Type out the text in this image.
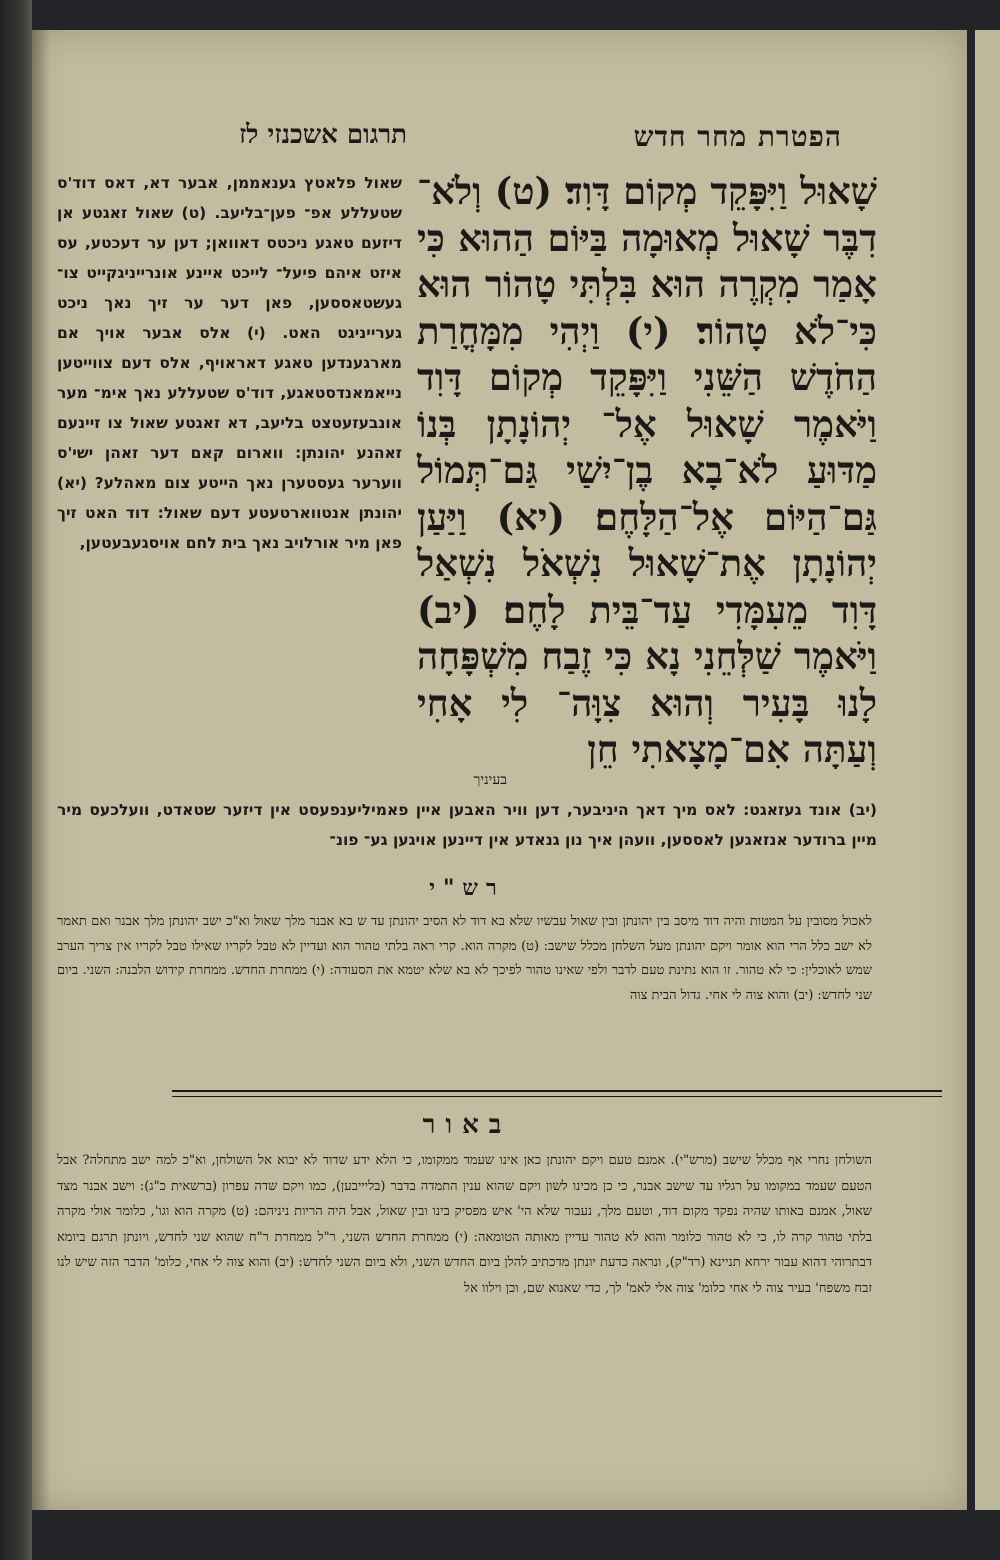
הפטרת מחר חדש

תרגום אשכנזי לז

שָׁאוּל וַיִּפָּקֵד מְקוֹם דָּוִד׃ (ט) וְלֹא־ דִבֶּר שָׁאוּל מְאוּמָה בַּיּוֹם הַהוּא כִּי אָמַר מִקְרֶה הוּא בִּלְתִּי טָהוֹר הוּא כִּי־לֹא טָהוֹר׃ (י) וַיְהִי מִמָּחֳרַת הַחֹדֶשׁ הַשֵּׁנִי וַיִּפָּקֵד מְקוֹם דָּוִד וַיֹּאמֶר שָׁאוּל אֶל־ יְהוֹנָתָן בְּנוֹ מַדּוּעַ לֹא־בָא בֶן־יִשַׁי גַּם־תְּמוֹל גַּם־הַיּוֹם אֶל־הַלָּחֶם׃ (יא) וַיַּעַן יְהוֹנָתָן אֶת־שָׁאוּל נִשְׁאֹל נִשְׁאַל דָּוִד מֵעִמָּדִי עַד־בֵּית לָחֶם׃ (יב) וַיֹּאמֶר שַׁלְּחֵנִי נָא כִּי זֶבַח מִשְׁפָּחָה לָנוּ בָּעִיר וְהוּא צִוָּה־ לִי אָחִי וְעַתָּה אִם־מָצָאתִי חֵן

בעיניך

שאול פלאטץ גענאממן, אבער דא, דאס דוד'ס שטעללע אפ־ פען־בליעב. (ט) שאול זאגטע אן דיזעם טאגע ניכטס דאוואן; דען ער דעכטע, עס איזט איהם פיעל־ לייכט איינע אונרייניגקייט צו־ געשטאססען, פאן דער ער זיך נאך ניכט גערייניגט האט. (י) אלס אבער אויך אם מארגענדען טאגע דאראויף, אלס דעם צווייטען נייאמאנדסטאגע, דוד'ס שטעללע נאך אימ־ מער אונבעזעטצט בליעב, דא זאגטע שאול צו זיינעם זאהנע יהונתן: ווארום קאם דער זאהן ישי'ס ווערער געסטערן נאך הייטע צום מאהלע? (יא) יהונתן אנטווארטעטע דעם שאול: דוד האט זיך פאן מיר אורלויב נאך בית לחם אויסגעבעטען,

(יב) אונד געזאגט: לאס מיך דאך היניבער, דען וויר האבען איין פאמיליענפעסט אין דיזער שטאדט, וועלכעס מיר מיין ברודער אנזאגען לאססען, וועהן איך נון גנאדע אין דיינען אויגען גע־ פונ־

רש"י

לאכול מסובין על המטות והיה דוד מיסב בין יהונתן ובין שאול עבשיו שלא בא דוד לא הסיב יהונתן עד ש בא אבנר מלך שאול וא"כ ישב יהונתן מלך אבנר ואם תאמר לא ישב כלל הרי הוא אומר ויקם יהונתן מעל השלחן מכלל שישב: (ט) מקרה הוא. קרי ראה בלתי טהור הוא ועדיין לא טבל לקריו שאילו טבל לקריו אין צריך הערב שמש לאוכלין: כי לא טהור. זו הוא נתינת טעם לדבר ולפי שאינו טהור לפיכך לא בא שלא יטמא את הסעודה: (י) ממחרת החדש. ממחרת קידוש הלבנה: השני. ביום שני לחדש: (יב) והוא צוה לי אחי. גדול הבית צוה

באור

השולחן נחרי אף מכלל שישב (מרש"י). אמנם טעם ויקם יהונתן כאן אינו שעמד ממקומו, כי הלא ידע שדוד לא יבוא אל השולחן, וא"כ למה ישב מתחלה? אבל הטעם שעמד במקומו על רגליו עד שישב אבנר, כי כן מכינו לשון ויקם שהוא ענין התמדה בדבר (בליייבען), כמו ויקם שדה עפרון (ברשאית כ"ג): וישב אבנר מצד שאול, אמנם באותו שהיה נפקד מקום דוד, וטעם מלך, נעבור שלא הי' איש מפסיק בינו ובין שאול, אבל היה הריות ניניהם: (ט) מקרה הוא וגו', כלומר אולי מקרה בלתי טהור קרה לו, כי לא טהור כלומר והוא לא טהור עדיין מאותה הטומאה: (י) ממחרת החדש השני, ר"ל ממחרת ר"ח שהוא שני לחדש, ויונתן תרגם ביומא דבתרוהי דהוא עבור ירחא תניינא (רד"ק), ונראה כדעת יונתן מדכתיב להלן ביום החדש השני, ולא ביום השני לחדש: (יב) והוא צוה לי אחי, כלומ' הדבר הזה שיש לנו זבח משפח' בעיר צוה לי אחי כלומ' צוה אלי לאמ' לך, כדי שאנוא שם, וכן וילוו אל
